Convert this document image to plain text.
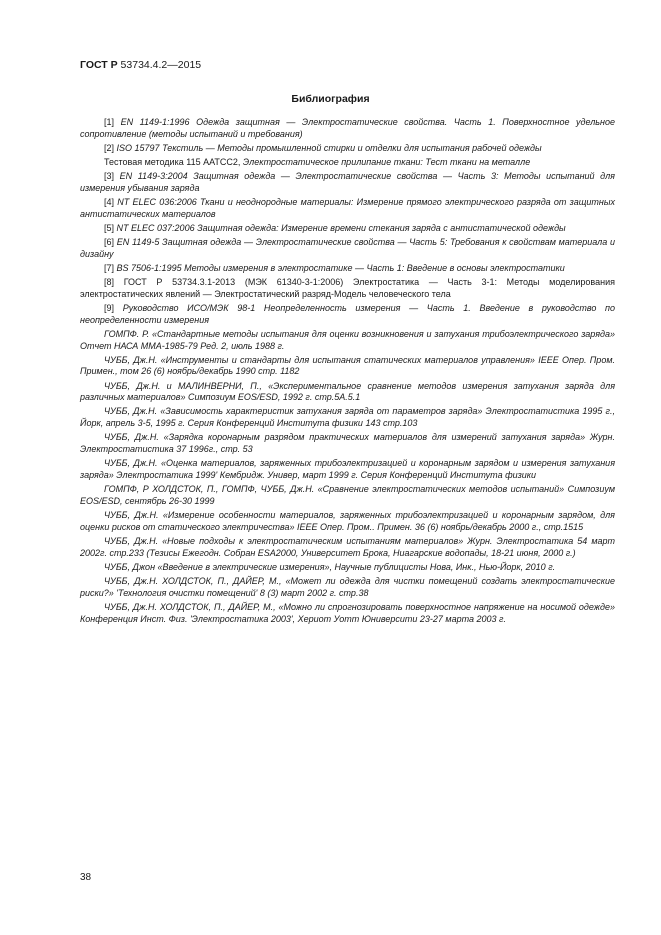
ГОСТ Р 53734.4.2—2015
Библиография

[1] EN 1149-1:1996 Одежда защитная — Электростатические свойства. Часть 1. Поверхностное удельное сопротивление (методы испытаний и требования)

[2] ISO 15797 Текстиль — Методы промышленной стирки и отделки для испытания рабочей одежды

Тестовая методика 115 AATCC2, Электростатическое прилипание ткани: Тест ткани на металле

[3] EN 1149-3:2004 Защитная одежда — Электростатические свойства — Часть 3: Методы испытаний для измерения убывания заряда

[4] NT ELEC 036:2006 Ткани и неоднородные материалы: Измерение прямого электрического разряда от защитных антистатических материалов

[5] NT ELEC 037:2006 Защитная одежда: Измерение времени стекания заряда с антистатической одежды

[6] EN 1149-5 Защитная одежда — Электростатические свойства — Часть 5: Требования к свойствам материала и дизайну

[7] BS 7506-1:1995 Методы измерения в электростатике — Часть 1: Введение в основы электростатики

[8] ГОСТ Р 53734.3.1-2013 (МЭК 61340-3-1:2006) Электростатика — Часть 3-1: Методы моделирования электростатических явлений — Электростатический разряд-Модель человеческого тела

[9] Руководство ИСО/МЭК 98-1 Неопределенность измерения — Часть 1. Введение в руководство по неопределенности измерения

ГОМПФ. Р. «Стандартные методы испытания для оценки возникновения и затухания трибоэлектрического заряда» Отчет НАСА ММА-1985-79 Ред. 2, июль 1988 г.

ЧУББ, Дж.Н. «Инструменты и стандарты для испытания статических материалов управления» IEEE Опер. Пром. Примен., том 26 (6) ноябрь/декабрь 1990 стр. 1182

ЧУББ, Дж.Н. и МАЛИНВЕРНИ, П., «Экспериментальное сравнение методов измерения затухания заряда для различных материалов» Симпозиум EOS/ESD, 1992 г. стр.5А.5.1

ЧУББ, Дж.Н. «Зависимость характеристик затухания заряда от параметров заряда» Электростатистика 1995 г., Йорк, апрель 3-5, 1995 г. Серия Конференций Института физики 143 стр.103

ЧУББ, Дж.Н. «Зарядка коронарным разрядом практических материалов для измерений затухания заряда» Журн. Электростатистика 37 1996г., стр. 53

ЧУББ, Дж.Н. «Оценка материалов, заряженных трибоэлектризацией и коронарным зарядом и измерения затухания заряда» Электростатика 1999' Кембридж. Универ, март 1999 г. Серия Конференций Института физики

ГОМПФ, Р ХОЛДСТОК, П., ГОМПФ, ЧУББ, Дж.Н. «Сравнение электростатических методов испытаний» Симпозиум EOS/ESD, сентябрь 26-30 1999

ЧУББ, Дж.Н. «Измерение особенности материалов, заряженных трибоэлектризацией и коронарным зарядом, для оценки рисков от статического электричества» IEEE Опер. Пром.. Примен. 36 (6) ноябрь/декабрь 2000 г., стр.1515

ЧУББ, Дж.Н. «Новые подходы к электростатическим испытаниям материалов» Журн. Электростатика 54 март 2002г. стр.233 (Тезисы Ежегодн. Собран ESA2000, Университет Брока, Ниагарские водопады, 18-21 июня, 2000 г.)

ЧУББ, Джон «Введение в электрические измерения», Научные публицисты Нова, Инк., Нью-Йорк, 2010 г.

ЧУББ, Дж.Н. ХОЛДСТОК, П., ДАЙЕР, М., «Может ли одежда для чистки помещений создать электростатические риски?» 'Технология очистки помещений' 8 (3) март 2002 г. стр.38

ЧУББ, Дж.Н. ХОЛДСТОК, П., ДАЙЕР, М., «Можно ли спрогнозировать поверхностное напряжение на носимой одежде» Конференция Инст. Физ. 'Электростатика 2003', Хериот Уотт Юниверсити 23-27 марта 2003 г.

38
